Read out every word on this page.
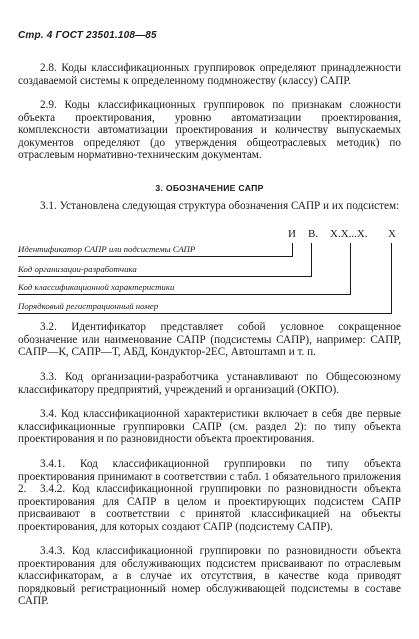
Стр. 4 ГОСТ 23501.108—85

2.8. Коды классификационных группировок определяют принадлежности создаваемой системы к определенному подмножеству (классу) САПР.

2.9. Коды классификационных группировок по признакам сложности объекта проектирования, уровню автоматизации проектирования, комплексности автоматизации проектирования и количеству выпускаемых документов определяют (до утверждения общеотраслевых методик) по отраслевым нормативно-техническим документам.

3. ОБОЗНАЧЕНИЕ САПР

3.1. Установлена следующая структура обозначения САПР и их подсистем:

И В. Х.Х...Х. Х
Идентификатор САПР или подсистемы САПР
Код организации-разработчика
Код классификационной характеристики
Порядковый регистрационный номер

3.2. Идентификатор представляет собой условное сокращенное обозначение или наименование САПР (подсистемы САПР), например: САПР, САПР—К, САПР—Т, АБД, Кондуктор-2ЕС, Автоштамп и т. п.

3.3. Код организации-разработчика устанавливают по Общесоюзному классификатору предприятий, учреждений и организаций (ОКПО).

3.4. Код классификационной характеристики включает в себя две первые классификационные группировки САПР (см. раздел 2): по типу объекта проектирования и по разновидности объекта проектирования.

3.4.1. Код классификационной группировки по типу объекта проектирования принимают в соответствии с табл. 1 обязательного приложения 2.	3.4.2. Код классификационной группировки по разновидности объекта проектирования для САПР в целом и проектирующих подсистем САПР присваивают в соответствии с принятой классификацией на объекты проектирования, для которых создают САПР (подсистему САПР).

3.4.3. Код классификационной группировки по разновидности объекта проектирования для обслуживающих подсистем присваивают по отраслевым классификаторам, а в случае их отсутствия, в качестве кода приводят порядковый регистрационный номер обслуживающей подсистемы в составе САПР.
